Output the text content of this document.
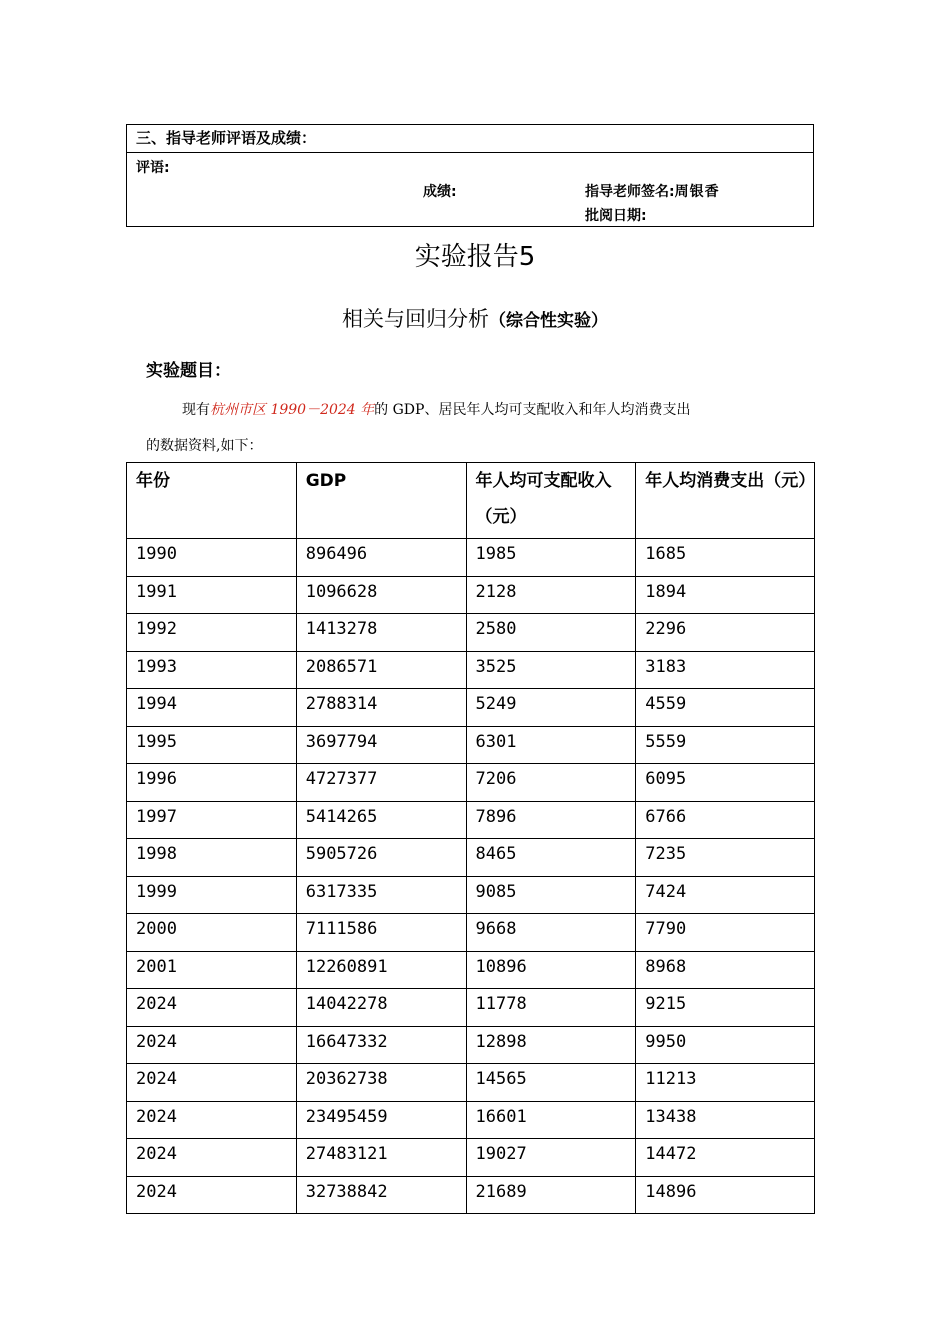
三、指导老师评语及成绩：
评语:
成绩:	指导老师签名:周银香
批阅日期:
实验报告5
相关与回归分析（综合性实验）
实验题目：
现有杭州市区 1990－2024 年的 GDP、居民年人均可支配收入和年人均消费支出
的数据资料,如下：
年份	GDP	年人均可支配收入（元）	年人均消费支出（元）
1990	896496	1985	1685
1991	1096628	2128	1894
1992	1413278	2580	2296
1993	2086571	3525	3183
1994	2788314	5249	4559
1995	3697794	6301	5559
1996	4727377	7206	6095
1997	5414265	7896	6766
1998	5905726	8465	7235
1999	6317335	9085	7424
2000	7111586	9668	7790
2001	12260891	10896	8968
2024	14042278	11778	9215
2024	16647332	12898	9950
2024	20362738	14565	11213
2024	23495459	16601	13438
2024	27483121	19027	14472
2024	32738842	21689	14896
